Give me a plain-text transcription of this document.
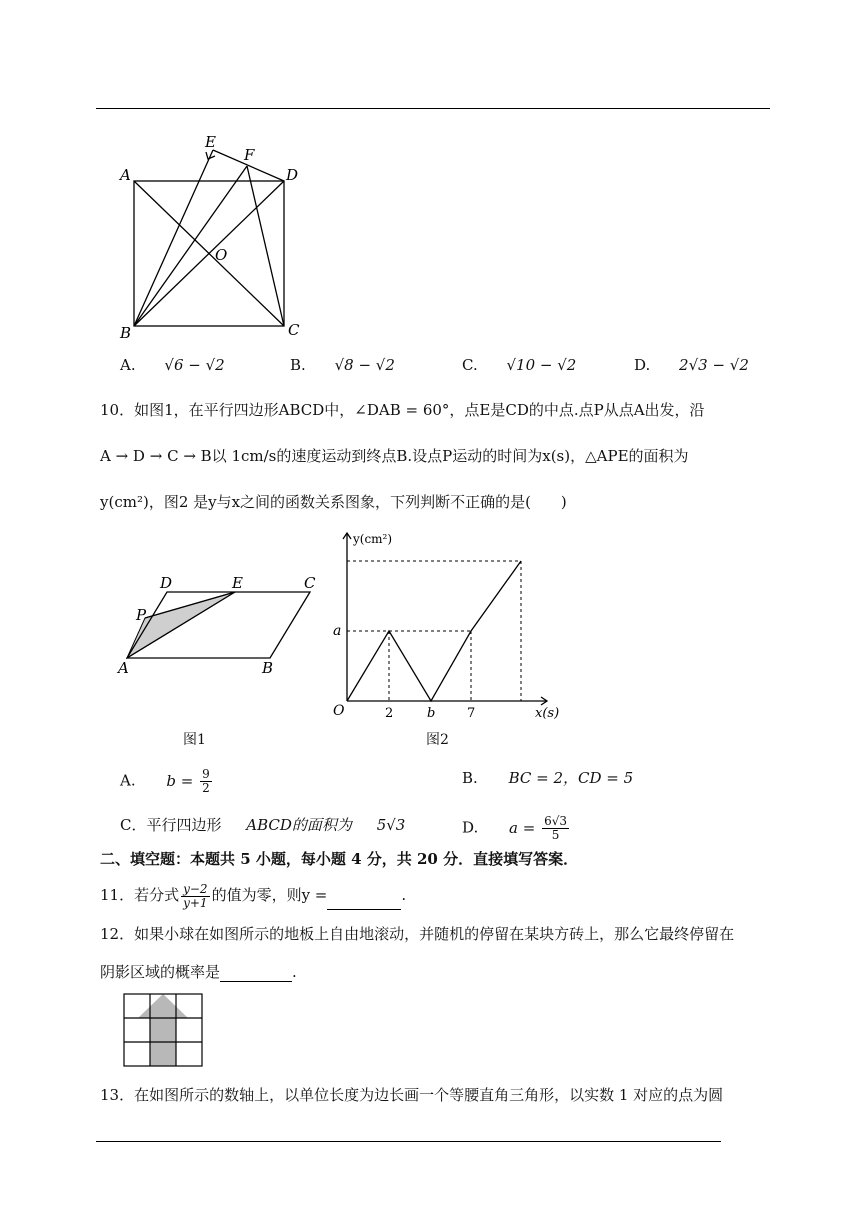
A
B	C
D
E
F
O
A. √6 − √2	B. √8 − √2	C. √10 − √2	D. 2√3 − √2
10．如图1，在平行四边形ABCD中，∠DAB = 60°，点E是CD的中点.点P从点A出发，沿
A → D → C → B以 1cm/s的速度运动到终点B.设点P运动的时间为x(s)，△APE的面积为
y(cm²)，图2 是y与x之间的函数关系图象，下列判断不正确的是(　　)
D	E	C
P
A	B
图1
y(cm²)
x(s)
O
a
2	b 7
图2
A. $b = \frac{9}{2}$	B. BC = 2，CD = 5
C．平行四边形 ABCD的面积为 5√3	D. $a = \frac{6√3}{5}$
二、填空题：本题共 5 小题，每小题 4 分，共 20 分．直接填写答案．
11．若分式 $\frac{y-2}{y+1}$ 的值为零，则y =	.
12．如果小球在如图所示的地板上自由地滚动，并随机的停留在某块方砖上，那么它最终停留在
阴影区域的概率是	.
13．在如图所示的数轴上，以单位长度为边长画一个等腰直角三角形，以实数 1 对应的点为圆
